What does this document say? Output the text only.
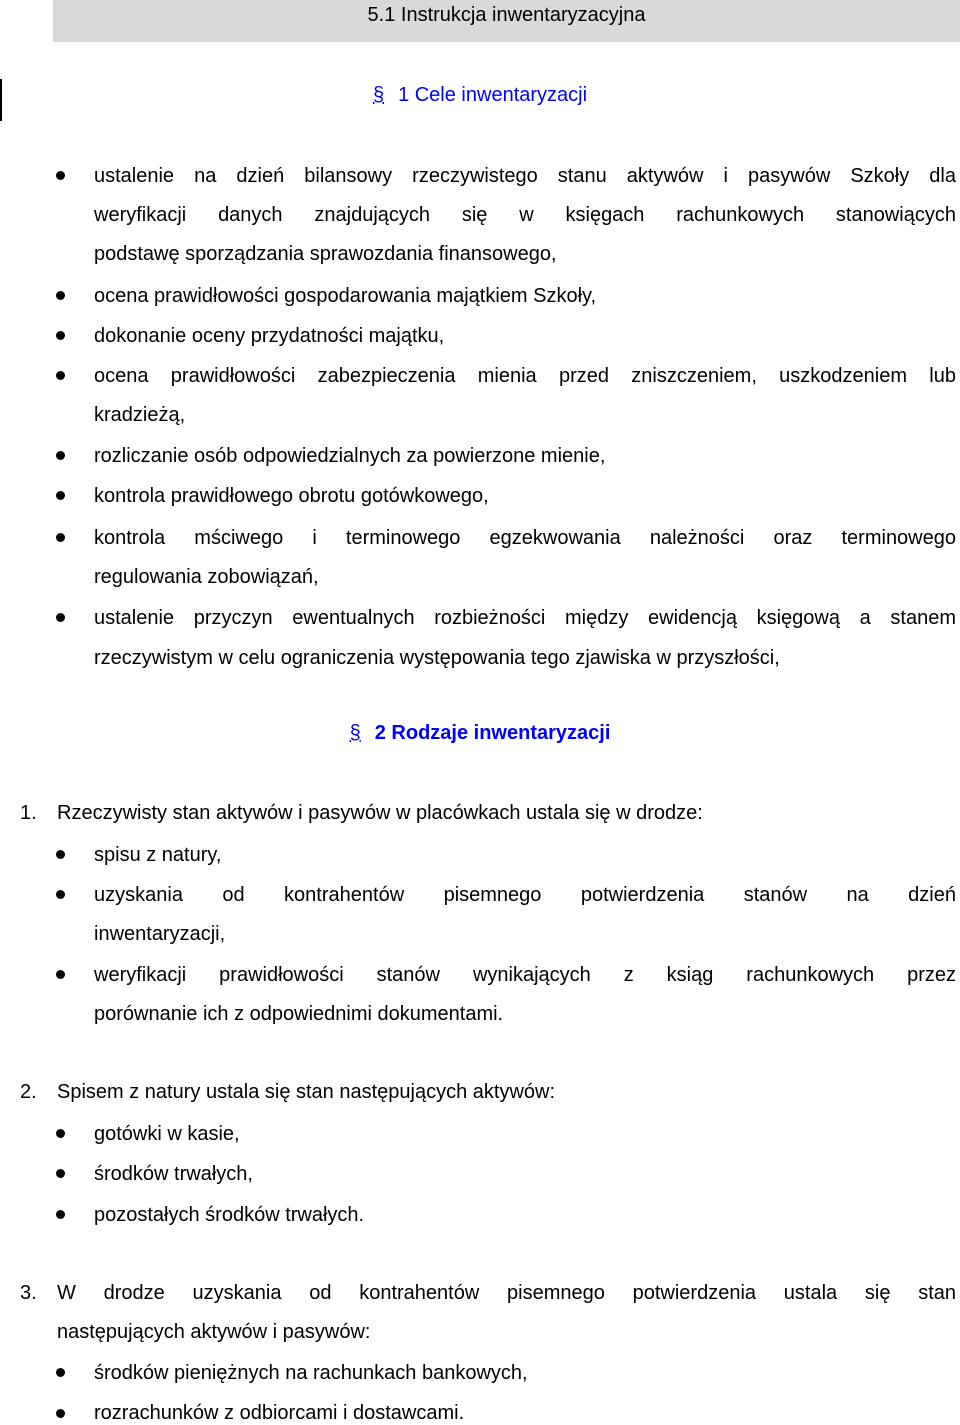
5.1 Instrukcja inwentaryzacyjna
§ 1 Cele inwentaryzacji
ustalenie na dzień bilansowy rzeczywistego stanu aktywów i pasywów Szkoły dla
weryfikacji danych znajdujących się w księgach rachunkowych stanowiących
podstawę sporządzania sprawozdania finansowego,
ocena prawidłowości gospodarowania majątkiem Szkoły,
dokonanie oceny przydatności majątku,
ocena prawidłowości zabezpieczenia mienia przed zniszczeniem, uszkodzeniem lub
kradzieżą,
rozliczanie osób odpowiedzialnych za powierzone mienie,
kontrola prawidłowego obrotu gotówkowego,
kontrola mściwego i terminowego egzekwowania należności oraz terminowego
regulowania zobowiązań,
ustalenie przyczyn ewentualnych rozbieżności między ewidencją księgową a stanem
rzeczywistym w celu ograniczenia występowania tego zjawiska w przyszłości,
§ 2 Rodzaje inwentaryzacji
1. Rzeczywisty stan aktywów i pasywów w placówkach ustala się w drodze:
spisu z natury,
uzyskania od kontrahentów pisemnego potwierdzenia stanów na dzień
inwentaryzacji,
weryfikacji prawidłowości stanów wynikających z ksiąg rachunkowych przez
porównanie ich z odpowiednimi dokumentami.
2. Spisem z natury ustala się stan następujących aktywów:
gotówki w kasie,
środków trwałych,
pozostałych środków trwałych.
3. W drodze uzyskania od kontrahentów pisemnego potwierdzenia ustala się stan
następujących aktywów i pasywów:
środków pieniężnych na rachunkach bankowych,
rozrachunków z odbiorcami i dostawcami.
